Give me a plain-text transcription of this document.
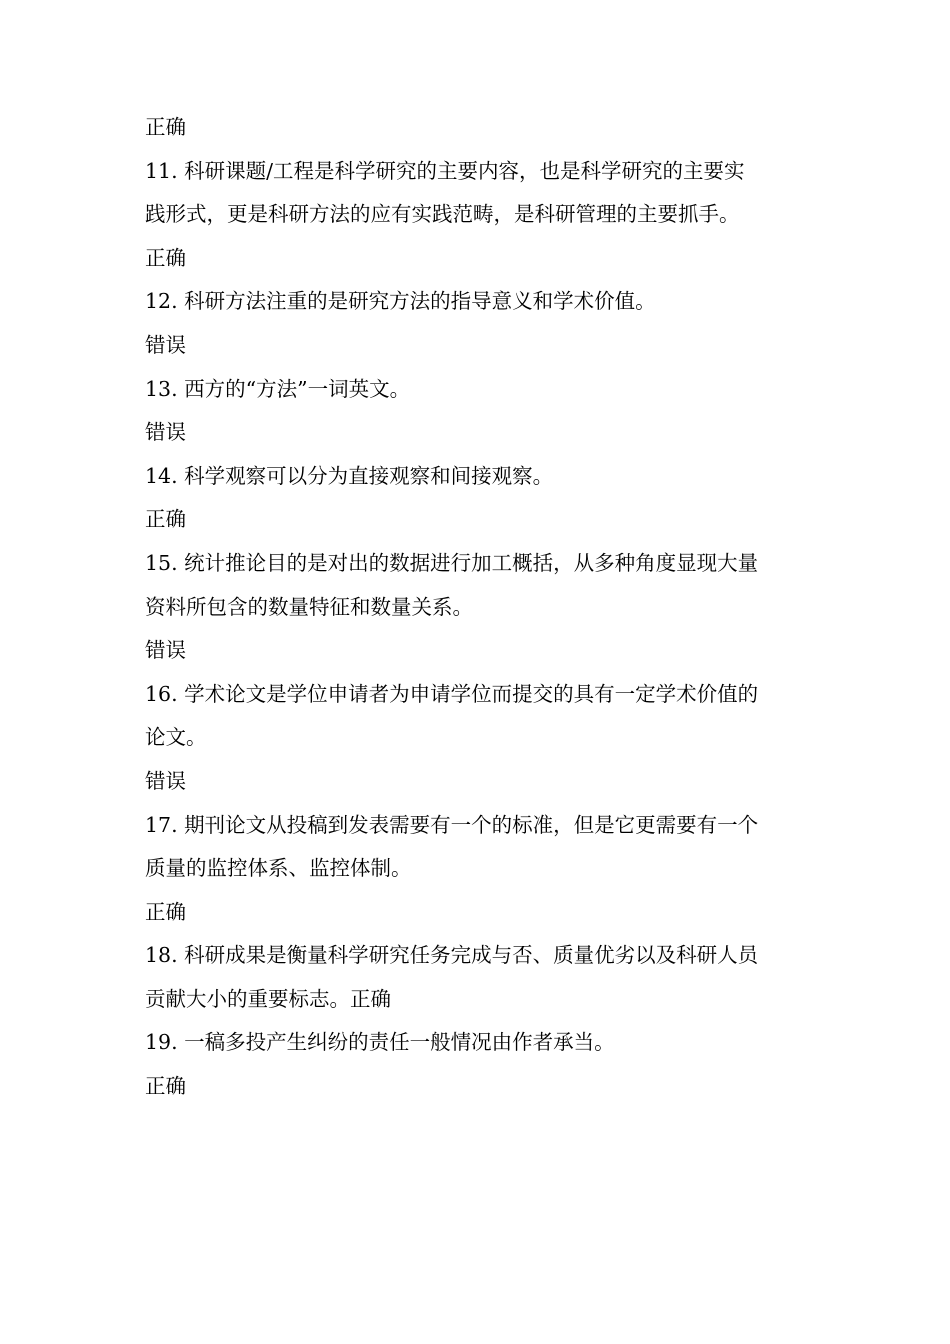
正确

11. 科研课题/工程是科学研究的主要内容，也是科学研究的主要实

践形式，更是科研方法的应有实践范畴，是科研管理的主要抓手。

正确

12. 科研方法注重的是研究方法的指导意义和学术价值。

错误

13. 西方的“方法”一词英文。

错误

14. 科学观察可以分为直接观察和间接观察。

正确

15. 统计推论目的是对出的数据进行加工概括，从多种角度显现大量

资料所包含的数量特征和数量关系。

错误

16. 学术论文是学位申请者为申请学位而提交的具有一定学术价值的

论文。

错误

17. 期刊论文从投稿到发表需要有一个的标准，但是它更需要有一个

质量的监控体系、监控体制。

正确

18. 科研成果是衡量科学研究任务完成与否、质量优劣以及科研人员

贡献大小的重要标志。正确

19. 一稿多投产生纠纷的责任一般情况由作者承当。

正确
